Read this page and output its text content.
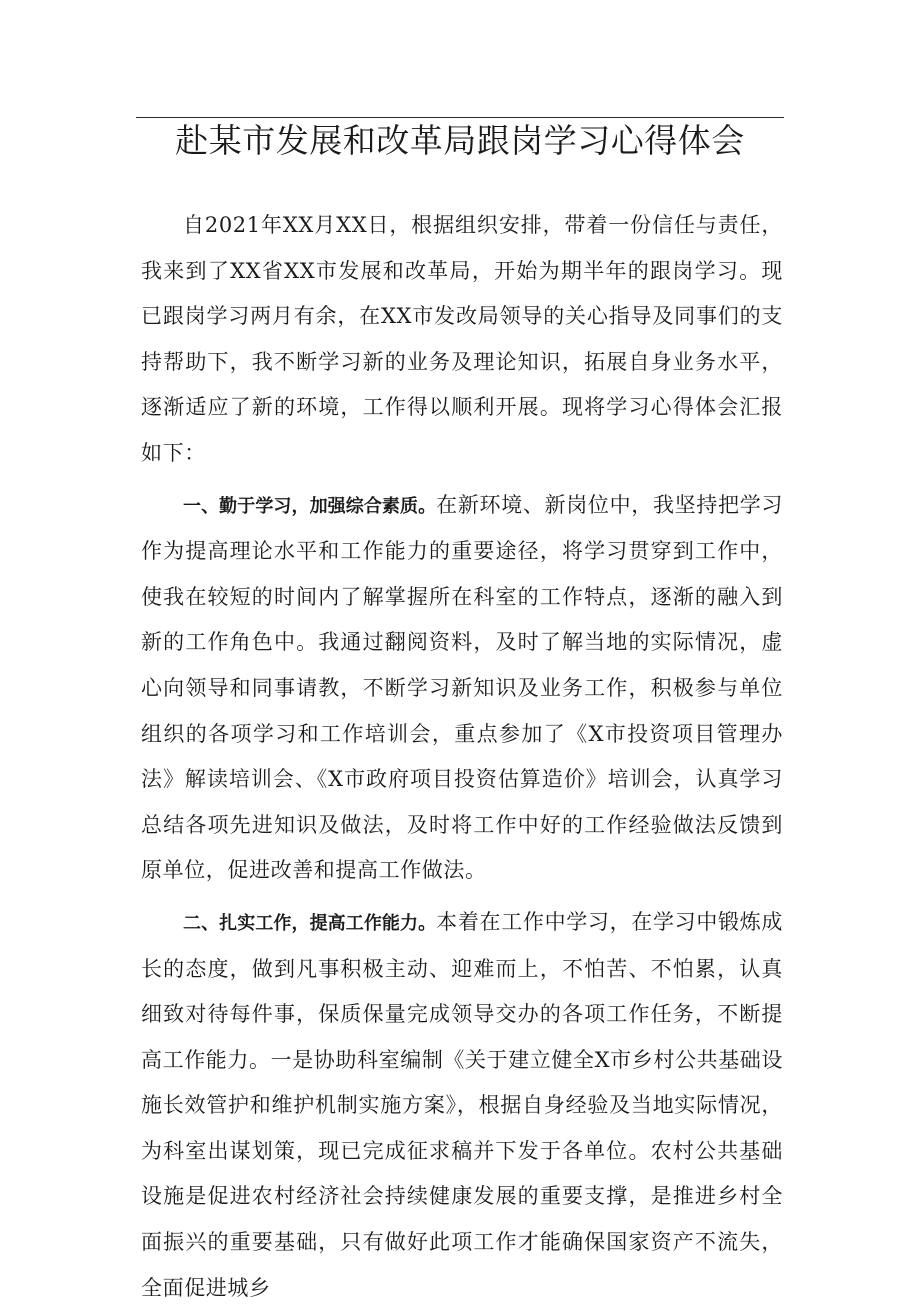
赴某市发展和改革局跟岗学习心得体会

自2021年XX月XX日，根据组织安排，带着一份信任与责任，我来到了XX省XX市发展和改革局，开始为期半年的跟岗学习。现已跟岗学习两月有余，在XX市发改局领导的关心指导及同事们的支持帮助下，我不断学习新的业务及理论知识，拓展自身业务水平，逐渐适应了新的环境，工作得以顺利开展。现将学习心得体会汇报如下：

一、勤于学习，加强综合素质。在新环境、新岗位中，我坚持把学习作为提高理论水平和工作能力的重要途径，将学习贯穿到工作中，使我在较短的时间内了解掌握所在科室的工作特点，逐渐的融入到新的工作角色中。我通过翻阅资料，及时了解当地的实际情况，虚心向领导和同事请教，不断学习新知识及业务工作，积极参与单位组织的各项学习和工作培训会，重点参加了《X市投资项目管理办法》解读培训会、《X市政府项目投资估算造价》培训会，认真学习总结各项先进知识及做法，及时将工作中好的工作经验做法反馈到原单位，促进改善和提高工作做法。

二、扎实工作，提高工作能力。本着在工作中学习，在学习中锻炼成长的态度，做到凡事积极主动、迎难而上，不怕苦、不怕累，认真细致对待每件事，保质保量完成领导交办的各项工作任务，不断提高工作能力。一是协助科室编制《关于建立健全X市乡村公共基础设施长效管护和维护机制实施方案》，根据自身经验及当地实际情况，为科室出谋划策，现已完成征求稿并下发于各单位。农村公共基础设施是促进农村经济社会持续健康发展的重要支撑，是推进乡村全面振兴的重要基础，只有做好此项工作才能确保国家资产不流失，全面促进城乡
